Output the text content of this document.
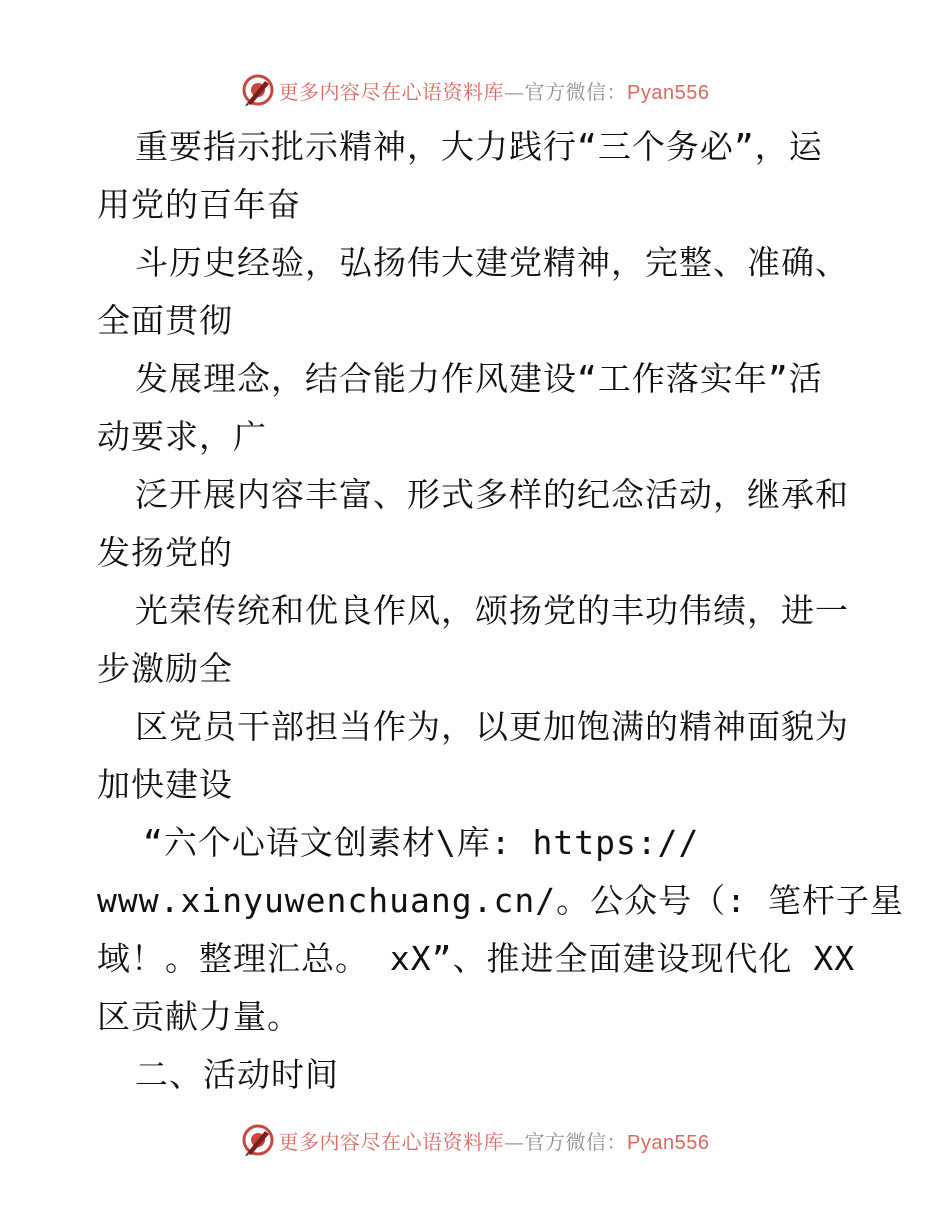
更多内容尽在心语资料库—官方微信：Pyan556
重要指示批示精神，大力践行“三个务必”，运
用党的百年奋
斗历史经验，弘扬伟大建党精神，完整、准确、
全面贯彻
发展理念，结合能力作风建设“工作落实年”活
动要求，广
泛开展内容丰富、形式多样的纪念活动，继承和
发扬党的
光荣传统和优良作风，颂扬党的丰功伟绩，进一
步激励全
区党员干部担当作为，以更加饱满的精神面貌为
加快建设
“六个心语文创素材\库: https://
www.xinyuwenchuang.cn/。公众号（: 笔杆子星
域！。整理汇总。 xX”、推进全面建设现代化 XX
区贡献力量。
二、活动时间
更多内容尽在心语资料库—官方微信：Pyan556
